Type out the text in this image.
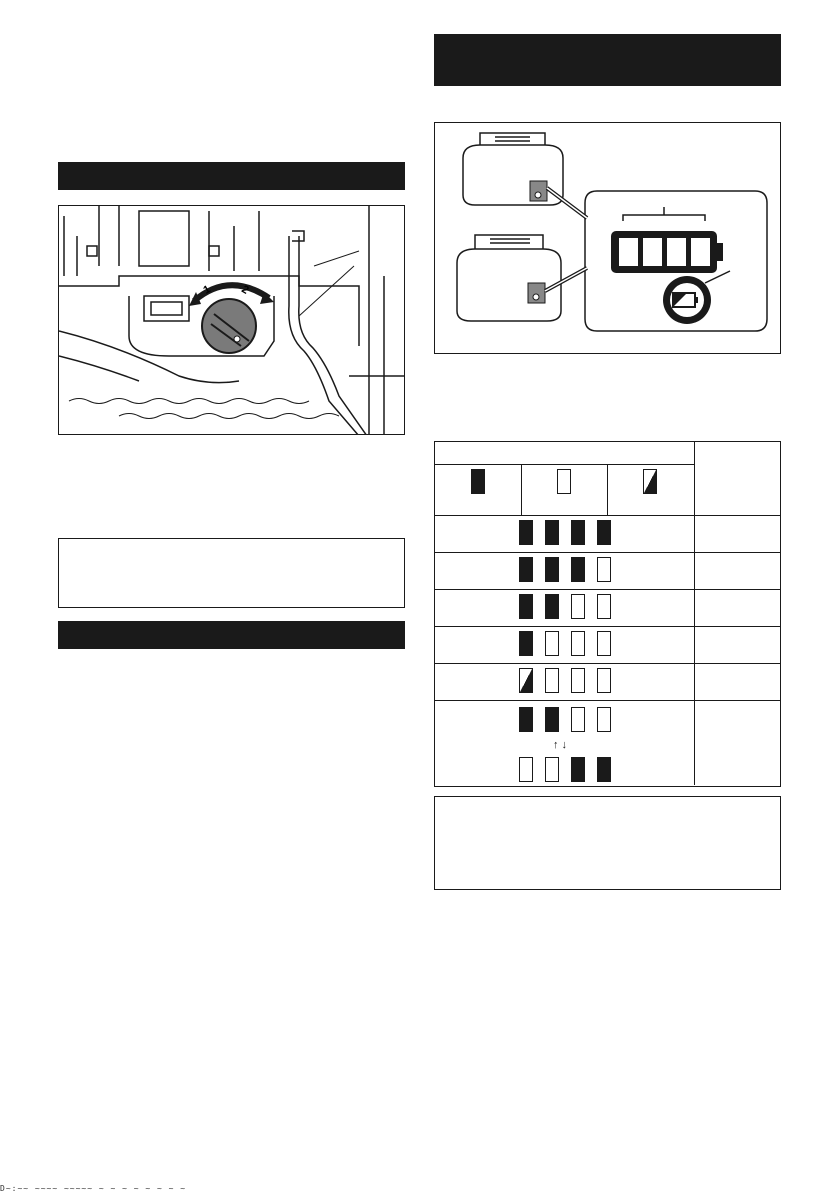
1 2
↑ ↓
D~:~~ ~~~~ ~~~~~ ~ ~ ~ ~ ~ ~ ~ ~
